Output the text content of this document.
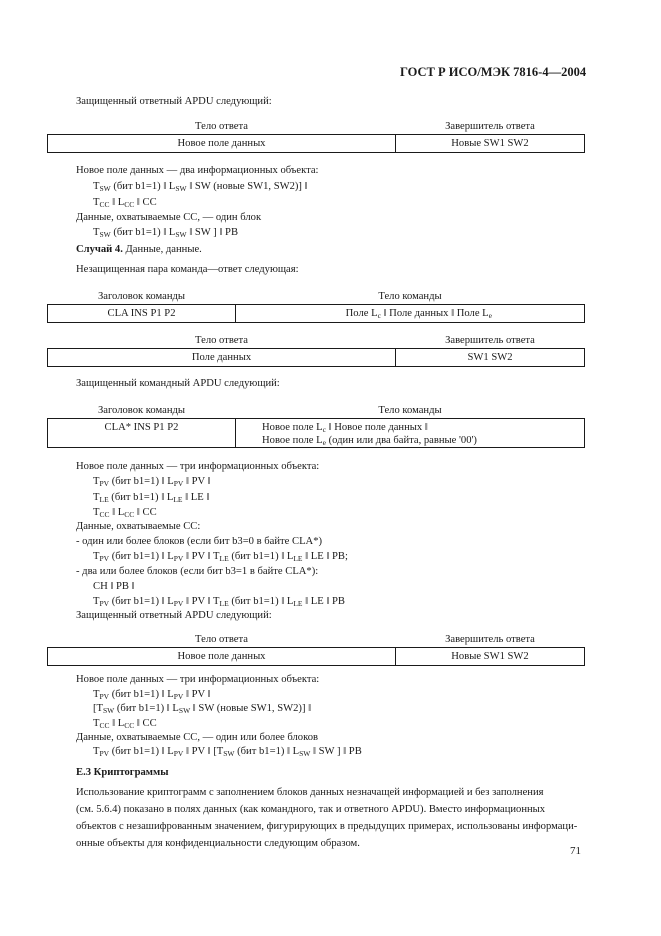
ГОСТ Р ИСО/МЭК 7816-4—2004
Защищенный ответный APDU следующий:
Тело ответа	Завершитель ответа
Новое поле данных	Новые SW1 SW2
Новое поле данных — два информационных объекта:
$T_{SW}$ (бит b1=1) ‖ $L_{SW}$ ‖ SW (новые SW1, SW2)] ‖
$T_{CC}$ ‖ $L_{CC}$ ‖ CC
Данные, охватываемые CC, — один блок
$T_{SW}$ (бит b1=1) ‖ $L_{SW}$ ‖ SW ] ‖ PB
Случай 4. Данные, данные.
Незащищенная пара команда—ответ следующая:
Заголовок команды	Тело команды
CLA INS P1 P2	Поле $L_c$ ‖ Поле данных ‖ Поле $L_e$
Тело ответа	Завершитель ответа
Поле данных	SW1 SW2
Защищенный командный APDU следующий:
Заголовок команды	Тело команды
CLA* INS P1 P2	Новое поле $L_c$ ‖ Новое поле данных ‖
Новое поле $L_e$ (один или два байта, равные '00')
Новое поле данных — три информационных объекта:
$T_{PV}$ (бит b1=1) ‖ $L_{PV}$ ‖ PV ‖
$T_{LE}$ (бит b1=1) ‖ $L_{LE}$ ‖ LE ‖
$T_{CC}$ ‖ $L_{CC}$ ‖ CC
Данные, охватываемые CC:
- один или более блоков (если бит b3=0 в байте CLA*)
$T_{PV}$ (бит b1=1) ‖ $L_{PV}$ ‖ PV ‖ $T_{LE}$ (бит b1=1) ‖ $L_{LE}$ ‖ LE ‖ PB;
- два или более блоков (если бит b3=1 в байте CLA*):
CH ‖ PB ‖
$T_{PV}$ (бит b1=1) ‖ $L_{PV}$ ‖ PV ‖ $T_{LE}$ (бит b1=1) ‖ $L_{LE}$ ‖ LE ‖ PB
Защищенный ответный APDU следующий:
Тело ответа	Завершитель ответа
Новое поле данных	Новые SW1 SW2
Новое поле данных — три информационных объекта:
$T_{PV}$ (бит b1=1) ‖ $L_{PV}$ ‖ PV ‖
[$T_{SW}$ (бит b1=1) ‖ $L_{SW}$ ‖ SW (новые SW1, SW2)] ‖
$T_{CC}$ ‖ $L_{CC}$ ‖ CC
Данные, охватываемые CC, — один или более блоков
$T_{PV}$ (бит b1=1) ‖ $L_{PV}$ ‖ PV ‖ [$T_{SW}$ (бит b1=1) ‖ $L_{SW}$ ‖ SW ] ‖ PB
E.3 Криптограммы
Использование криптограмм с заполнением блоков данных незначащей информацией и без заполнения
(см. 5.6.4) показано в полях данных (как командного, так и ответного APDU). Вместо информационных
объектов с незашифрованным значением, фигурирующих в предыдущих примерах, использованы информаци-
онные объекты для конфиденциальности следующим образом.
71
